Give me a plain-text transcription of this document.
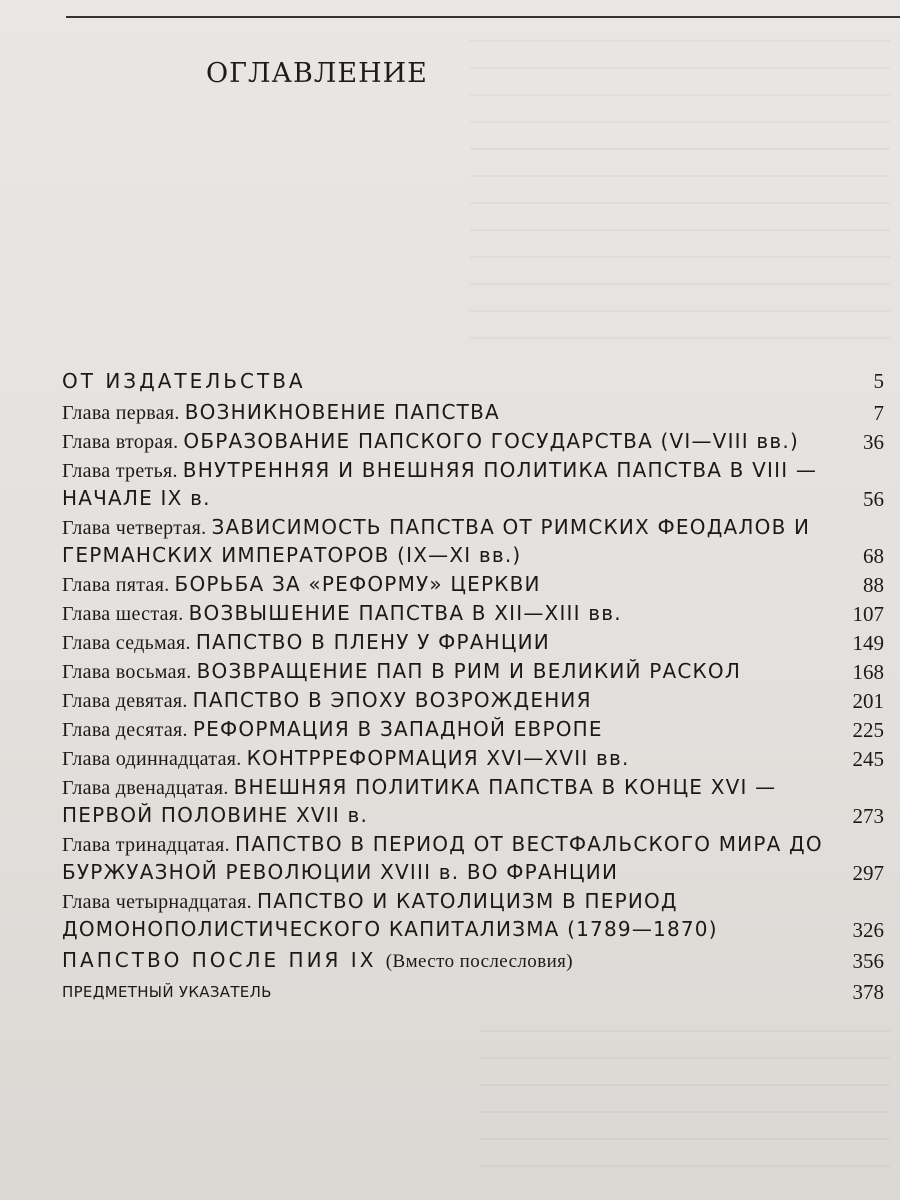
ОГЛАВЛЕНИЕ
ОТ ИЗДАТЕЛЬСТВА	5
Глава первая. ВОЗНИКНОВЕНИЕ ПАПСТВА	7
Глава вторая. ОБРАЗОВАНИЕ ПАПСКОГО ГОСУДАРСТВА (VI—VIII вв.)	36
Глава третья. ВНУТРЕННЯЯ И ВНЕШНЯЯ ПОЛИТИКА ПАПСТВА В VIII — НАЧАЛЕ IX в.	56
Глава четвертая. ЗАВИСИМОСТЬ ПАПСТВА ОТ РИМСКИХ ФЕОДАЛОВ И ГЕРМАНСКИХ ИМПЕРАТОРОВ (IX—XI вв.)	68
Глава пятая. БОРЬБА ЗА «РЕФОРМУ» ЦЕРКВИ	88
Глава шестая. ВОЗВЫШЕНИЕ ПАПСТВА В XII—XIII вв.	107
Глава седьмая. ПАПСТВО В ПЛЕНУ У ФРАНЦИИ	149
Глава восьмая. ВОЗВРАЩЕНИЕ ПАП В РИМ И ВЕЛИКИЙ РАСКОЛ	168
Глава девятая. ПАПСТВО В ЭПОХУ ВОЗРОЖДЕНИЯ	201
Глава десятая. РЕФОРМАЦИЯ В ЗАПАДНОЙ ЕВРОПЕ	225
Глава одиннадцатая. КОНТРРЕФОРМАЦИЯ XVI—XVII вв.	245
Глава двенадцатая. ВНЕШНЯЯ ПОЛИТИКА ПАПСТВА В КОНЦЕ XVI — ПЕРВОЙ ПОЛОВИНЕ XVII в.	273
Глава тринадцатая. ПАПСТВО В ПЕРИОД ОТ ВЕСТФАЛЬСКОГО МИРА ДО БУРЖУАЗНОЙ РЕВОЛЮЦИИ XVIII в. ВО ФРАНЦИИ	297
Глава четырнадцатая. ПАПСТВО И КАТОЛИЦИЗМ В ПЕРИОД ДОМОНОПОЛИСТИЧЕСКОГО КАПИТАЛИЗМА (1789—1870)	326
ПАПСТВО ПОСЛЕ ПИЯ IX (Вместо послесловия)	356
ПРЕДМЕТНЫЙ УКАЗАТЕЛЬ	378
